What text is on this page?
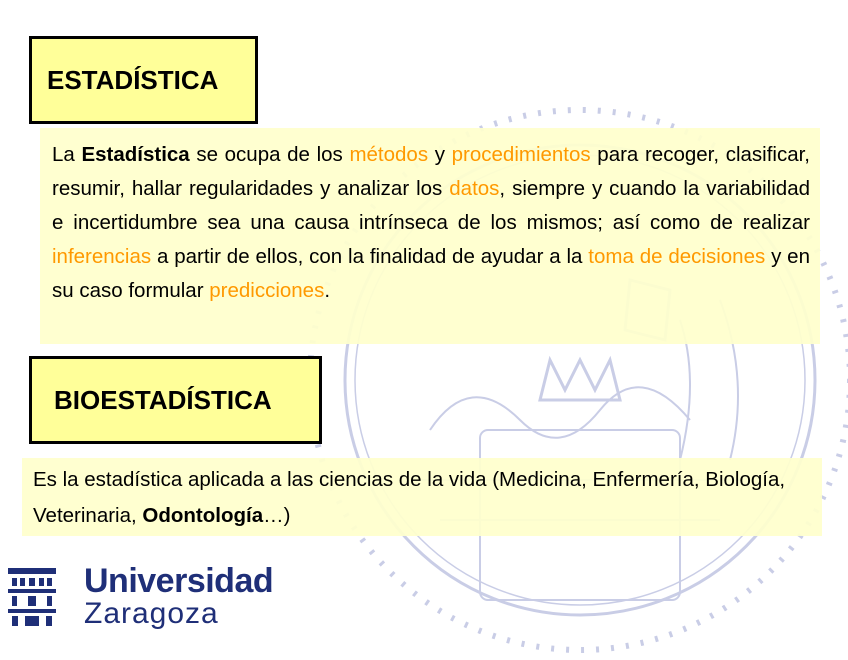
ESTADÍSTICA
La Estadística se ocupa de los métodos y procedimientos para recoger, clasificar, resumir, hallar regularidades y analizar los datos, siempre y cuando la variabilidad e incertidumbre sea una causa intrínseca de los mismos; así como de realizar inferencias a partir de ellos, con la finalidad de ayudar a la toma de decisiones y en su caso formular predicciones.
BIOESTADÍSTICA
Es la estadística aplicada a las ciencias de la vida (Medicina, Enfermería, Biología, Veterinaria, Odontología…)
Universidad
Zaragoza
